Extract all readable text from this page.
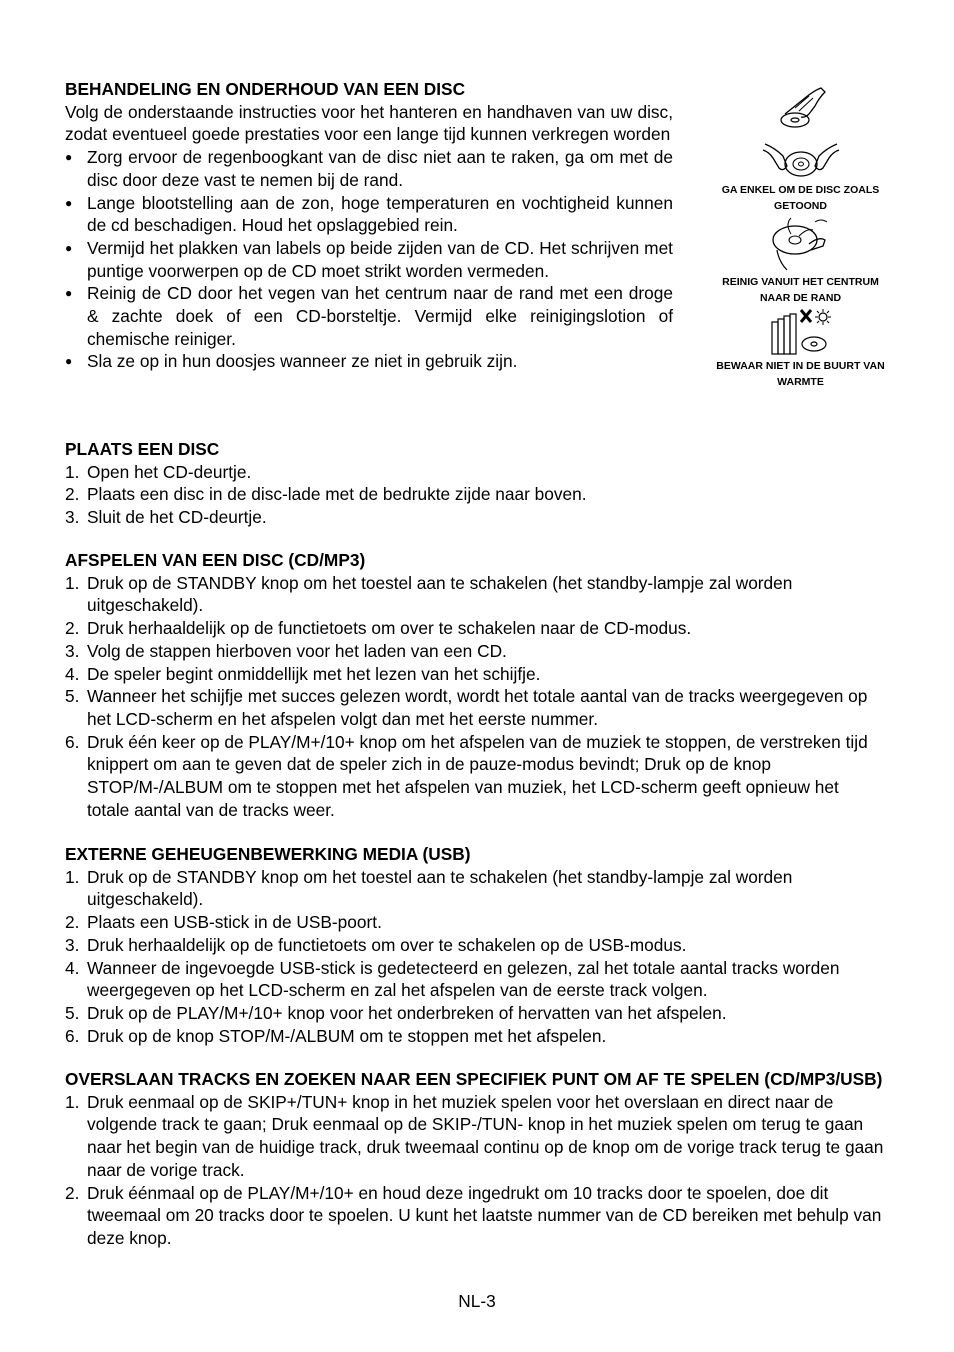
BEHANDELING EN ONDERHOUD VAN EEN DISC

Volg de onderstaande instructies voor het hanteren en handhaven van uw disc, zodat eventueel goede prestaties voor een lange tijd kunnen verkregen worden

● Zorg ervoor de regenboogkant van de disc niet aan te raken, ga om met de disc door deze vast te nemen bij de rand.
● Lange blootstelling aan de zon, hoge temperaturen en vochtigheid kunnen de cd beschadigen. Houd het opslaggebied rein.
● Vermijd het plakken van labels op beide zijden van de CD. Het schrijven met puntige voorwerpen op de CD moet strikt worden vermeden.
● Reinig de CD door het vegen van het centrum naar de rand met een droge & zachte doek of een CD-borsteltje. Vermijd elke reinigingslotion of chemische reiniger.
● Sla ze op in hun doosjes wanneer ze niet in gebruik zijn.
GA ENKEL OM DE DISC ZOALS GETOOND
REINIG VANUIT HET CENTRUM NAAR DE RAND
BEWAAR NIET IN DE BUURT VAN WARMTE
PLAATS EEN DISC
1. Open het CD-deurtje.
2. Plaats een disc in de disc-lade met de bedrukte zijde naar boven.
3. Sluit de het CD-deurtje.
AFSPELEN VAN EEN DISC (CD/MP3)
1. Druk op de STANDBY knop om het toestel aan te schakelen (het standby-lampje zal worden uitgeschakeld).
2. Druk herhaaldelijk op de functietoets om over te schakelen naar de CD-modus.
3. Volg de stappen hierboven voor het laden van een CD.
4. De speler begint onmiddellijk met het lezen van het schijfje.
5. Wanneer het schijfje met succes gelezen wordt, wordt het totale aantal van de tracks weergegeven op het LCD-scherm en het afspelen volgt dan met het eerste nummer.
6. Druk één keer op de PLAY/M+/10+ knop om het afspelen van de muziek te stoppen, de verstreken tijd knippert om aan te geven dat de speler zich in de pauze-modus bevindt; Druk op de knop STOP/M-/ALBUM om te stoppen met het afspelen van muziek, het LCD-scherm geeft opnieuw het totale aantal van de tracks weer.
EXTERNE GEHEUGENBEWERKING MEDIA (USB)
1. Druk op de STANDBY knop om het toestel aan te schakelen (het standby-lampje zal worden uitgeschakeld).
2. Plaats een USB-stick in de USB-poort.
3. Druk herhaaldelijk op de functietoets om over te schakelen op de USB-modus.
4. Wanneer de ingevoegde USB-stick is gedetecteerd en gelezen, zal het totale aantal tracks worden weergegeven op het LCD-scherm en zal het afspelen van de eerste track volgen.
5. Druk op de PLAY/M+/10+ knop voor het onderbreken of hervatten van het afspelen.
6. Druk op de knop STOP/M-/ALBUM om te stoppen met het afspelen.
OVERSLAAN TRACKS EN ZOEKEN NAAR EEN SPECIFIEK PUNT OM AF TE SPELEN (CD/MP3/USB)
1. Druk eenmaal op de SKIP+/TUN+ knop in het muziek spelen voor het overslaan en direct naar de volgende track te gaan; Druk eenmaal op de SKIP-/TUN- knop in het muziek spelen om terug te gaan naar het begin van de huidige track, druk tweemaal continu op de knop om de vorige track terug te gaan naar de vorige track.
2. Druk éénmaal op de PLAY/M+/10+ en houd deze ingedrukt om 10 tracks door te spoelen, doe dit tweemaal om 20 tracks door te spoelen. U kunt het laatste nummer van de CD bereiken met behulp van deze knop.
NL-3
